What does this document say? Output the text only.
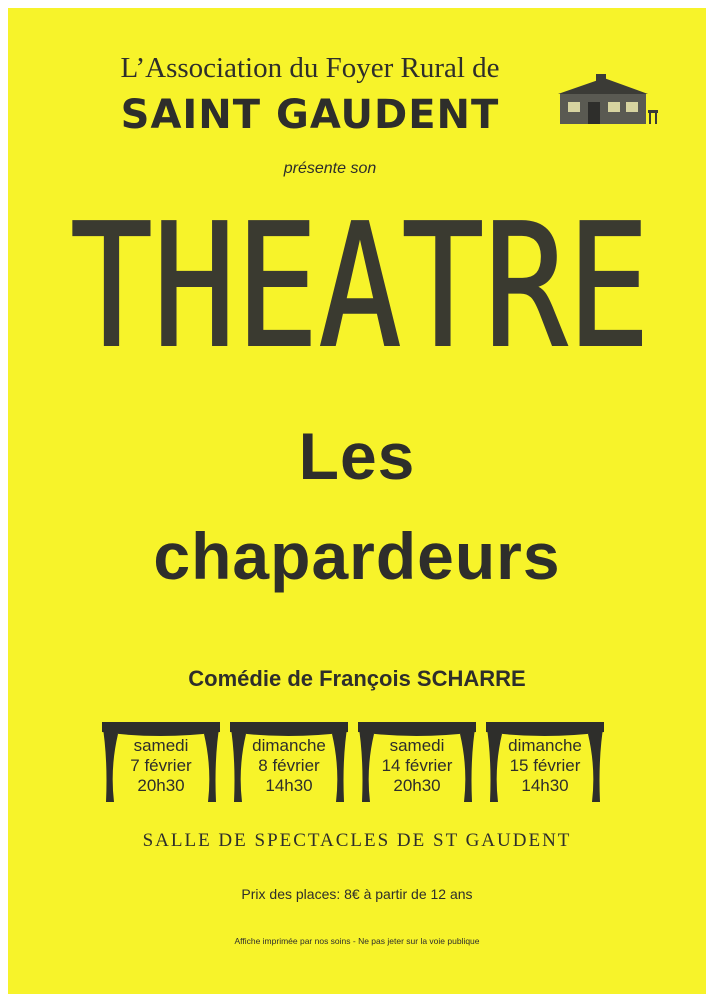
L’Association du Foyer Rural de

SAINT GAUDENT

présente son

THEATRE

Les

chapardeurs

Comédie de François SCHARRE

samedi
7 février
20h30
dimanche
8 février
14h30
samedi
14 février
20h30
dimanche
15 février
14h30

SALLE DE SPECTACLES DE ST GAUDENT

Prix des places: 8€ à partir de 12 ans

Affiche imprimée par nos soins - Ne pas jeter sur la voie publique
